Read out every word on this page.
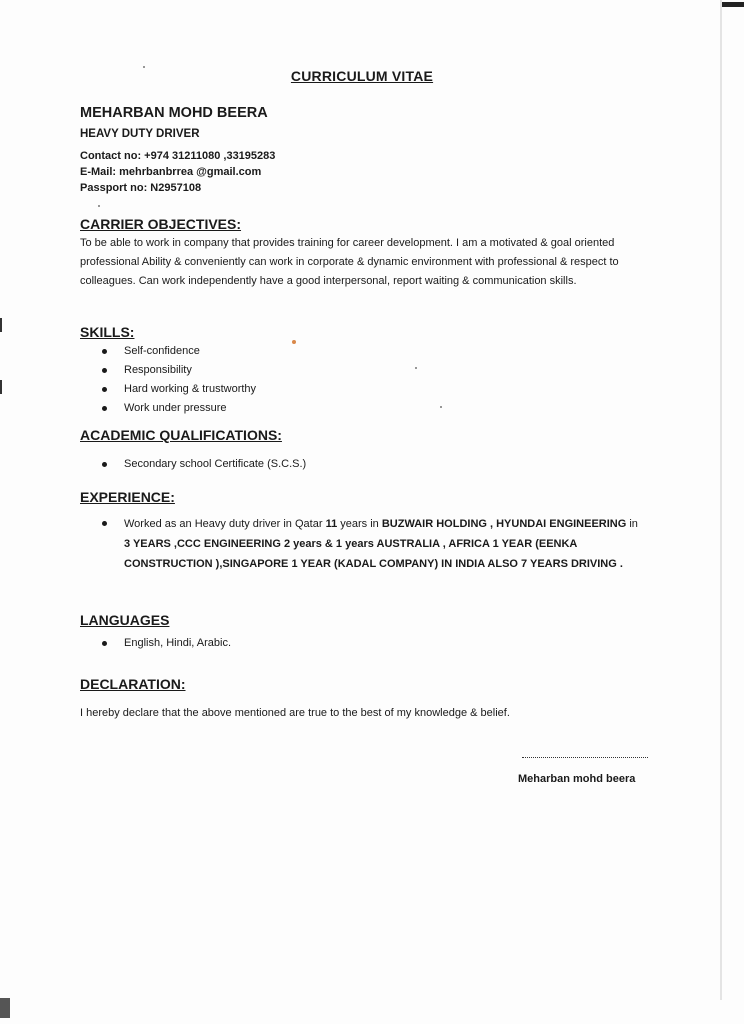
CURRICULUM VITAE
MEHARBAN MOHD BEERA
HEAVY DUTY DRIVER
Contact no: +974 31211080 ,33195283
E-Mail: mehrbanbrrea @gmail.com
Passport no: N2957108
CARRIER OBJECTIVES:
To be able to work in company that provides training for career development. I am a motivated & goal oriented professional Ability & conveniently can work in corporate & dynamic environment with professional & respect to colleagues. Can work independently have a good interpersonal, report waiting & communication skills.
SKILLS:
Self-confidence
Responsibility
Hard working & trustworthy
Work under pressure
ACADEMIC QUALIFICATIONS:
Secondary school Certificate (S.C.S.)
EXPERIENCE:
Worked as an Heavy duty driver in Qatar 11 years in BUZWAIR HOLDING , HYUNDAI ENGINEERING in 3 YEARS ,CCC ENGINEERING 2 years & 1 years AUSTRALIA , AFRICA 1 YEAR (EENKA CONSTRUCTION ),SINGAPORE 1 YEAR (KADAL COMPANY) IN INDIA ALSO 7 YEARS DRIVING .
LANGUAGES
English, Hindi, Arabic.
DECLARATION:
I hereby declare that the above mentioned are true to the best of my knowledge & belief.
Meharban mohd beera
